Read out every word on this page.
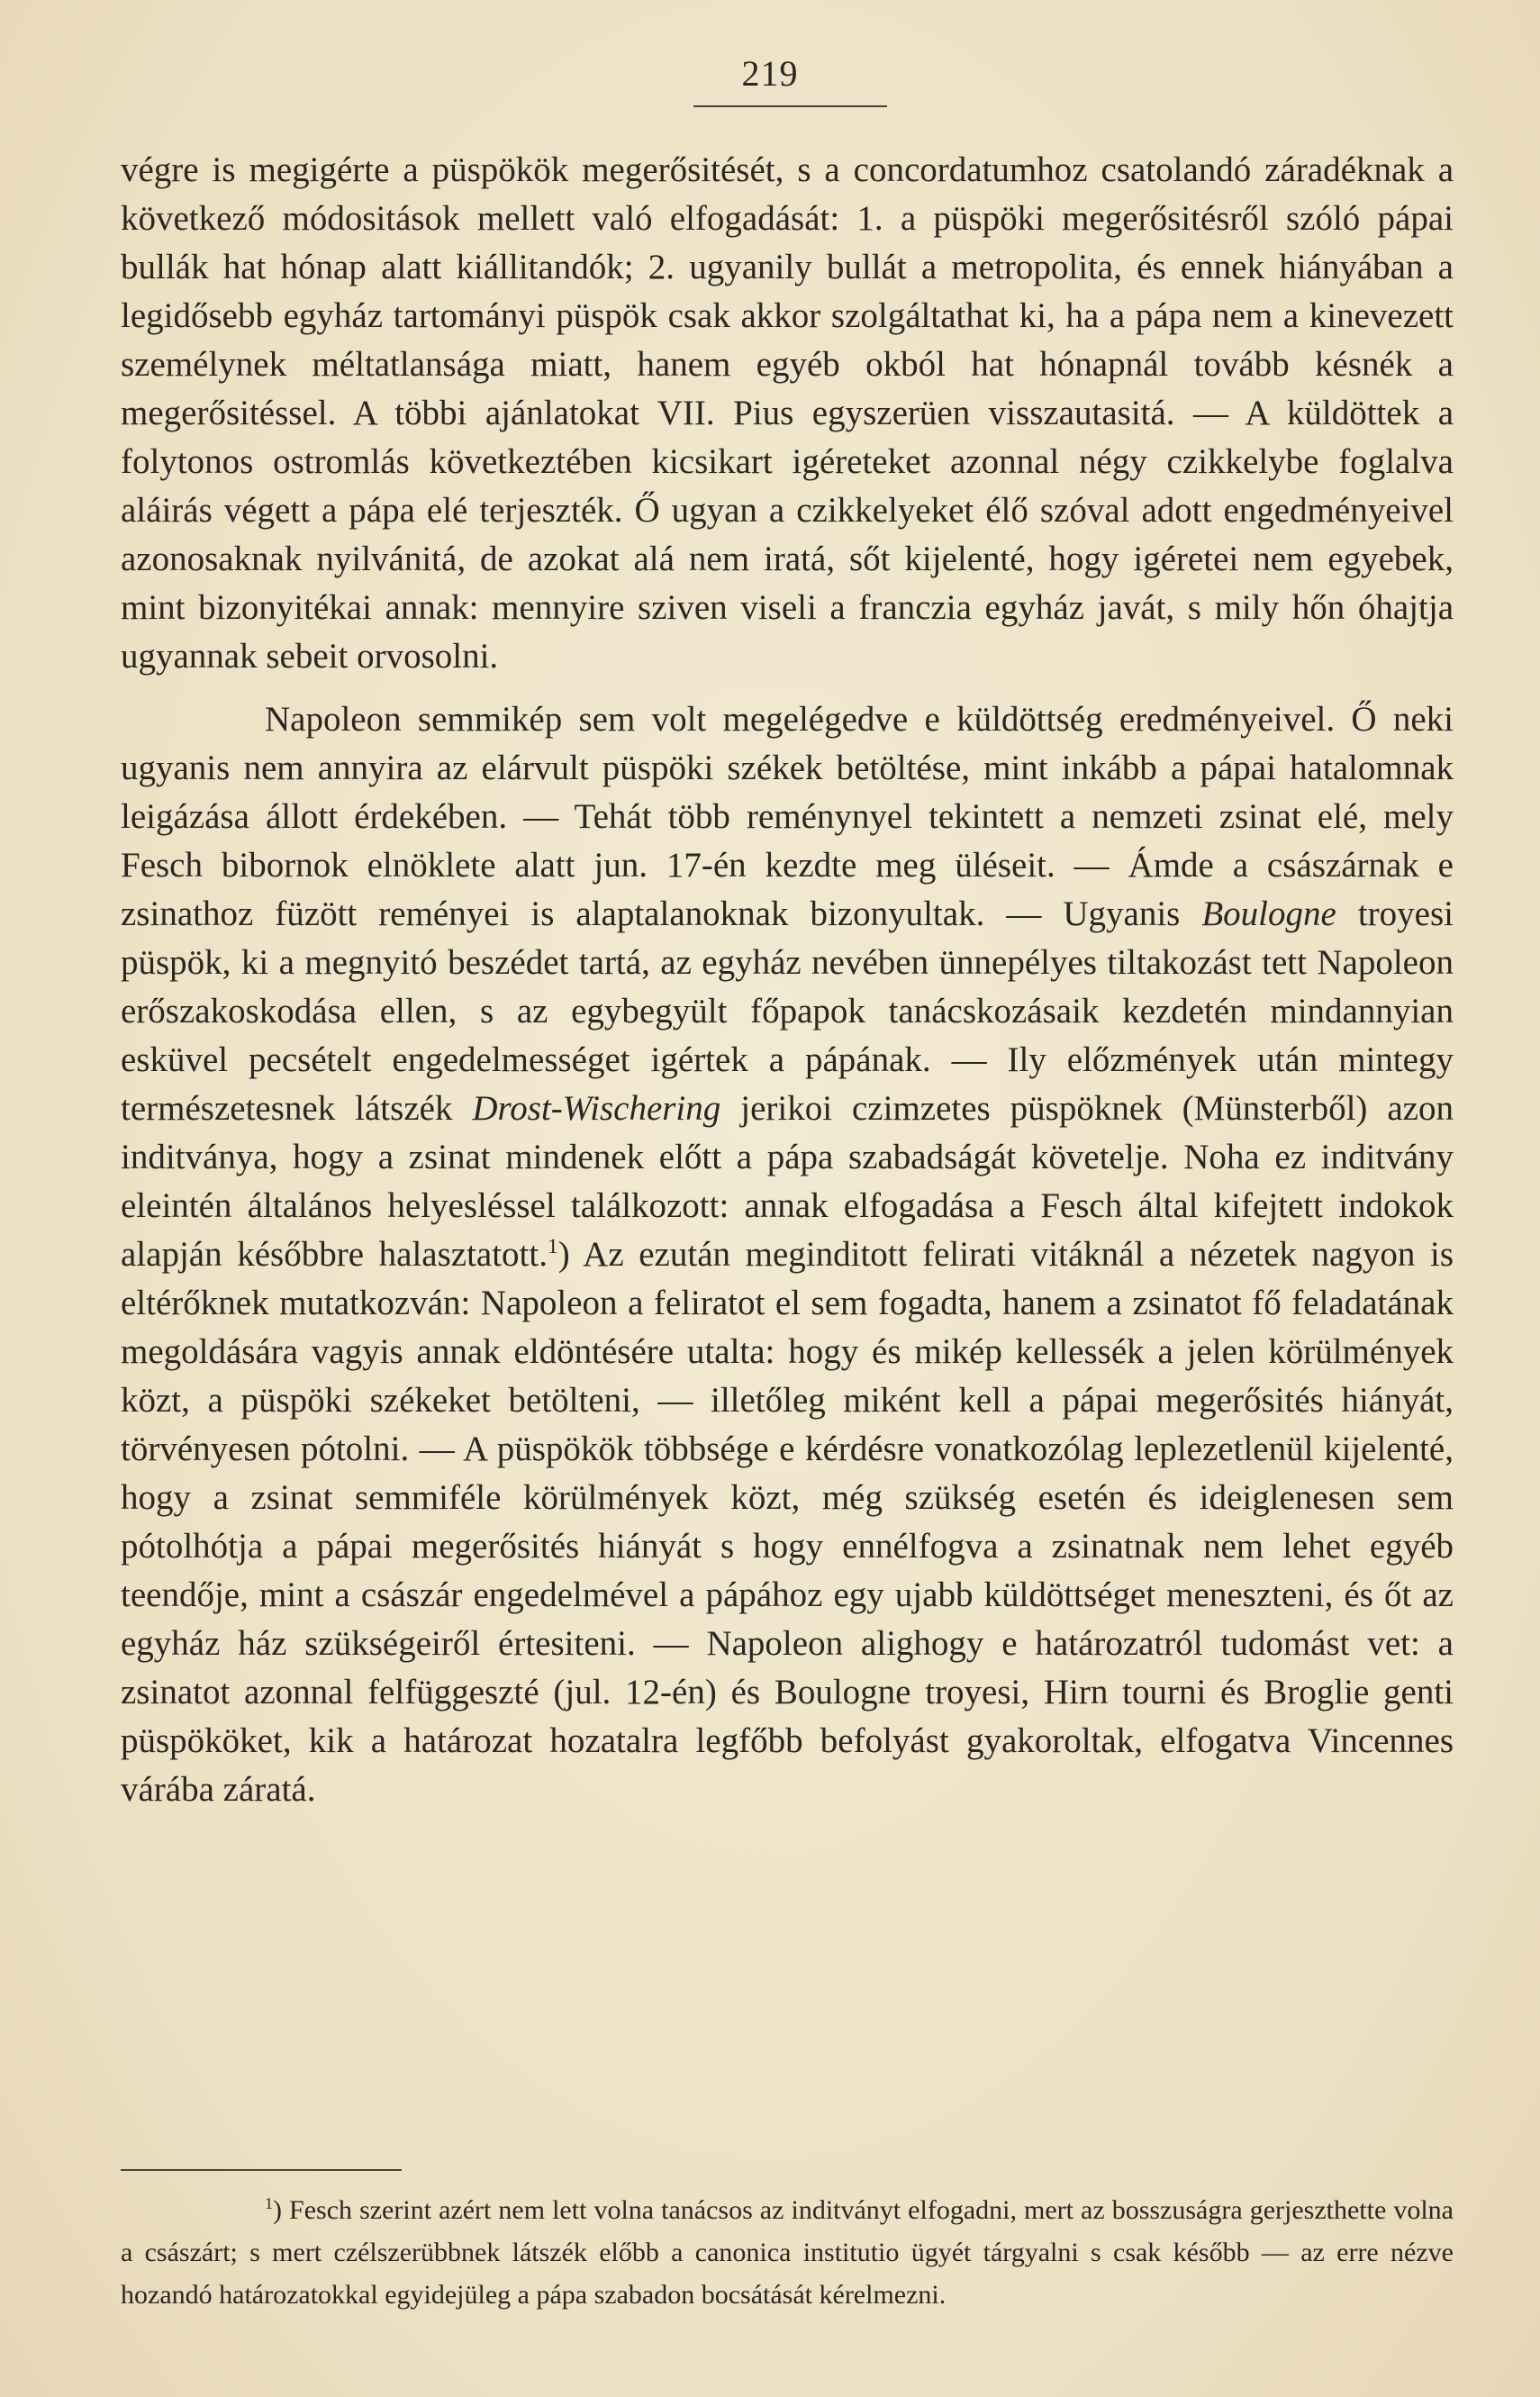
219

végre is megigérte a püspökök megerősitését, s a concordatumhoz csatolandó záradéknak a következő módositások mellett való elfogadását: 1. a püspöki megerősitésről szóló pápai bullák hat hónap alatt kiállitandók; 2. ugyanily bullát a metropolita, és ennek hiányában a legidősebb egyház tartományi püspök csak akkor szolgáltathat ki, ha a pápa nem a kinevezett személynek méltatlansága miatt, hanem egyéb okból hat hónapnál tovább késnék a megerősitéssel. A többi ajánlatokat VII. Pius egyszerüen visszautasitá. — A küldöttek a folytonos ostromlás következtében kicsikart igéreteket azonnal négy czikkelybe foglalva aláirás végett a pápa elé terjeszték. Ő ugyan a czikkelyeket élő szóval adott engedményeivel azonosaknak nyilvánitá, de azokat alá nem iratá, sőt kijelenté, hogy igéretei nem egyebek, mint bizonyitékai annak: mennyire sziven viseli a franczia egyház javát, s mily hőn óhajtja ugyannak sebeit orvosolni.

Napoleon semmikép sem volt megelégedve e küldöttség eredményeivel. Ő neki ugyanis nem annyira az elárvult püspöki székek betöltése, mint inkább a pápai hatalomnak leigázása állott érdekében. — Tehát több reménynyel tekintett a nemzeti zsinat elé, mely Fesch bibornok elnöklete alatt jun. 17-én kezdte meg üléseit. — Ámde a császárnak e zsinathoz füzött reményei is alaptalanoknak bizonyultak. — Ugyanis Boulogne troyesi püspök, ki a megnyitó beszédet tartá, az egyház nevében ünnepélyes tiltakozást tett Napoleon erőszakoskodása ellen, s az egybegyült főpapok tanácskozásaik kezdetén mindannyian esküvel pecsételt engedelmességet igértek a pápának. — Ily előzmények után mintegy természetesnek látszék Drost-Wischering jerikoi czimzetes püspöknek (Münsterből) azon inditványa, hogy a zsinat mindenek előtt a pápa szabadságát követelje. Noha ez inditvány eleintén általános helyesléssel találkozott: annak elfogadása a Fesch által kifejtett indokok alapján későbbre halasztatott.$^1$) Az ezután meginditott felirati vitáknál a nézetek nagyon is eltérőknek mutatkozván: Napoleon a feliratot el sem fogadta, hanem a zsinatot fő feladatának megoldására vagyis annak eldöntésére utalta: hogy és mikép kellessék a jelen körülmények közt, a püspöki székeket betölteni, — illetőleg miként kell a pápai megerősités hiányát, törvényesen pótolni. — A püspökök többsége e kérdésre vonatkozólag leplezetlenül kijelenté, hogy a zsinat semmiféle körülmények közt, még szükség esetén és ideiglenesen sem pótolhótja a pápai megerősités hiányát s hogy ennélfogva a zsinatnak nem lehet egyéb teendője, mint a császár engedelmével a pápához egy ujabb küldöttséget meneszteni, és őt az egyház ház szükségeiről értesiteni. — Napoleon alighogy e határozatról tudomást vet: a zsinatot azonnal felfüggeszté (jul. 12-én) és Boulogne troyesi, Hirn tourni és Broglie genti püspököket, kik a határozat hozatalra legfőbb befolyást gyakoroltak, elfogatva Vincennes várába záratá.

$^1$) Fesch szerint azért nem lett volna tanácsos az inditványt elfogadni, mert az bosszuságra gerjeszthette volna a császárt; s mert czélszerübbnek látszék előbb a canonica institutio ügyét tárgyalni s csak később — az erre nézve hozandó határozatokkal egyidejüleg a pápa szabadon bocsátását kérelmezni.
